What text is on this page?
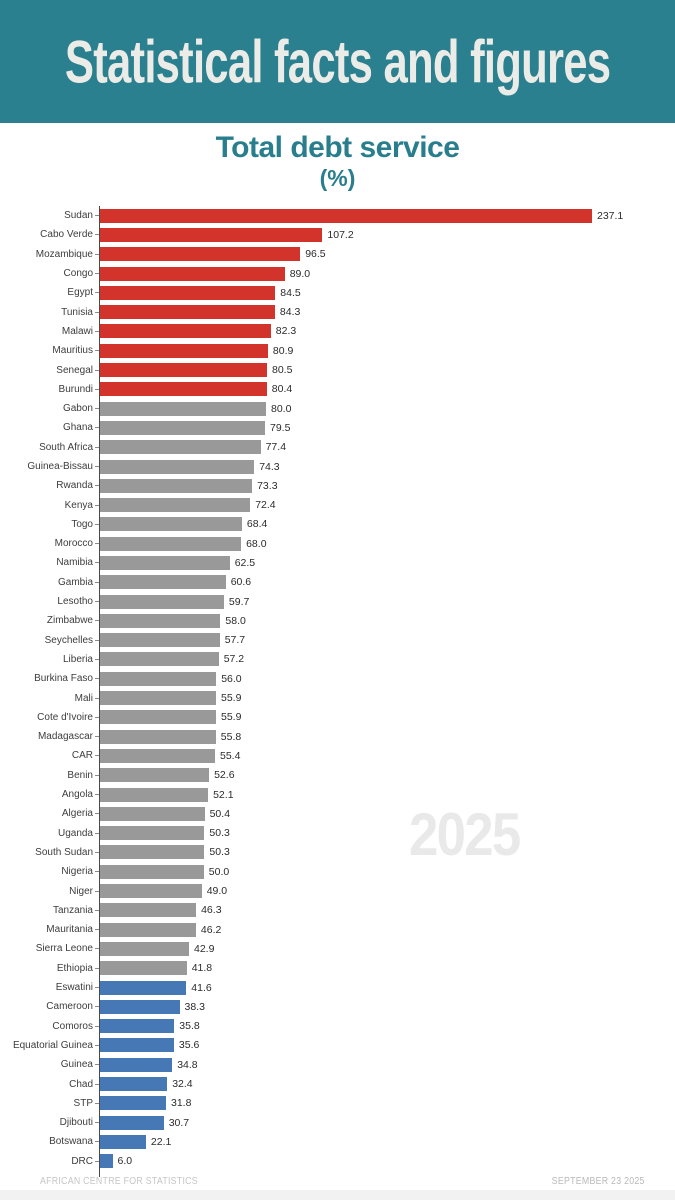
Statistical facts and figures
Total debt service
(%)
2025
Sudan	237.1
Cabo Verde	107.2
Mozambique	96.5
Congo	89.0
Egypt	84.5
Tunisia	84.3
Malawi	82.3
Mauritius	80.9
Senegal	80.5
Burundi	80.4
Gabon	80.0
Ghana	79.5
South Africa	77.4
Guinea-Bissau	74.3
Rwanda	73.3
Kenya	72.4
Togo	68.4
Morocco	68.0
Namibia	62.5
Gambia	60.6
Lesotho	59.7
Zimbabwe	58.0
Seychelles	57.7
Liberia	57.2
Burkina Faso	56.0
Mali	55.9
Cote d'Ivoire	55.9
Madagascar	55.8
CAR	55.4
Benin	52.6
Angola	52.1
Algeria	50.4
Uganda	50.3
South Sudan	50.3
Nigeria	50.0
Niger	49.0
Tanzania	46.3
Mauritania	46.2
Sierra Leone	42.9
Ethiopia	41.8
Eswatini	41.6
Cameroon	38.3
Comoros	35.8
Equatorial Guinea	35.6
Guinea	34.8
Chad	32.4
STP	31.8
Djibouti	30.7
Botswana	22.1
DRC 6.0
AFRICAN CENTRE FOR STATISTICS	SEPTEMBER 23 2025
